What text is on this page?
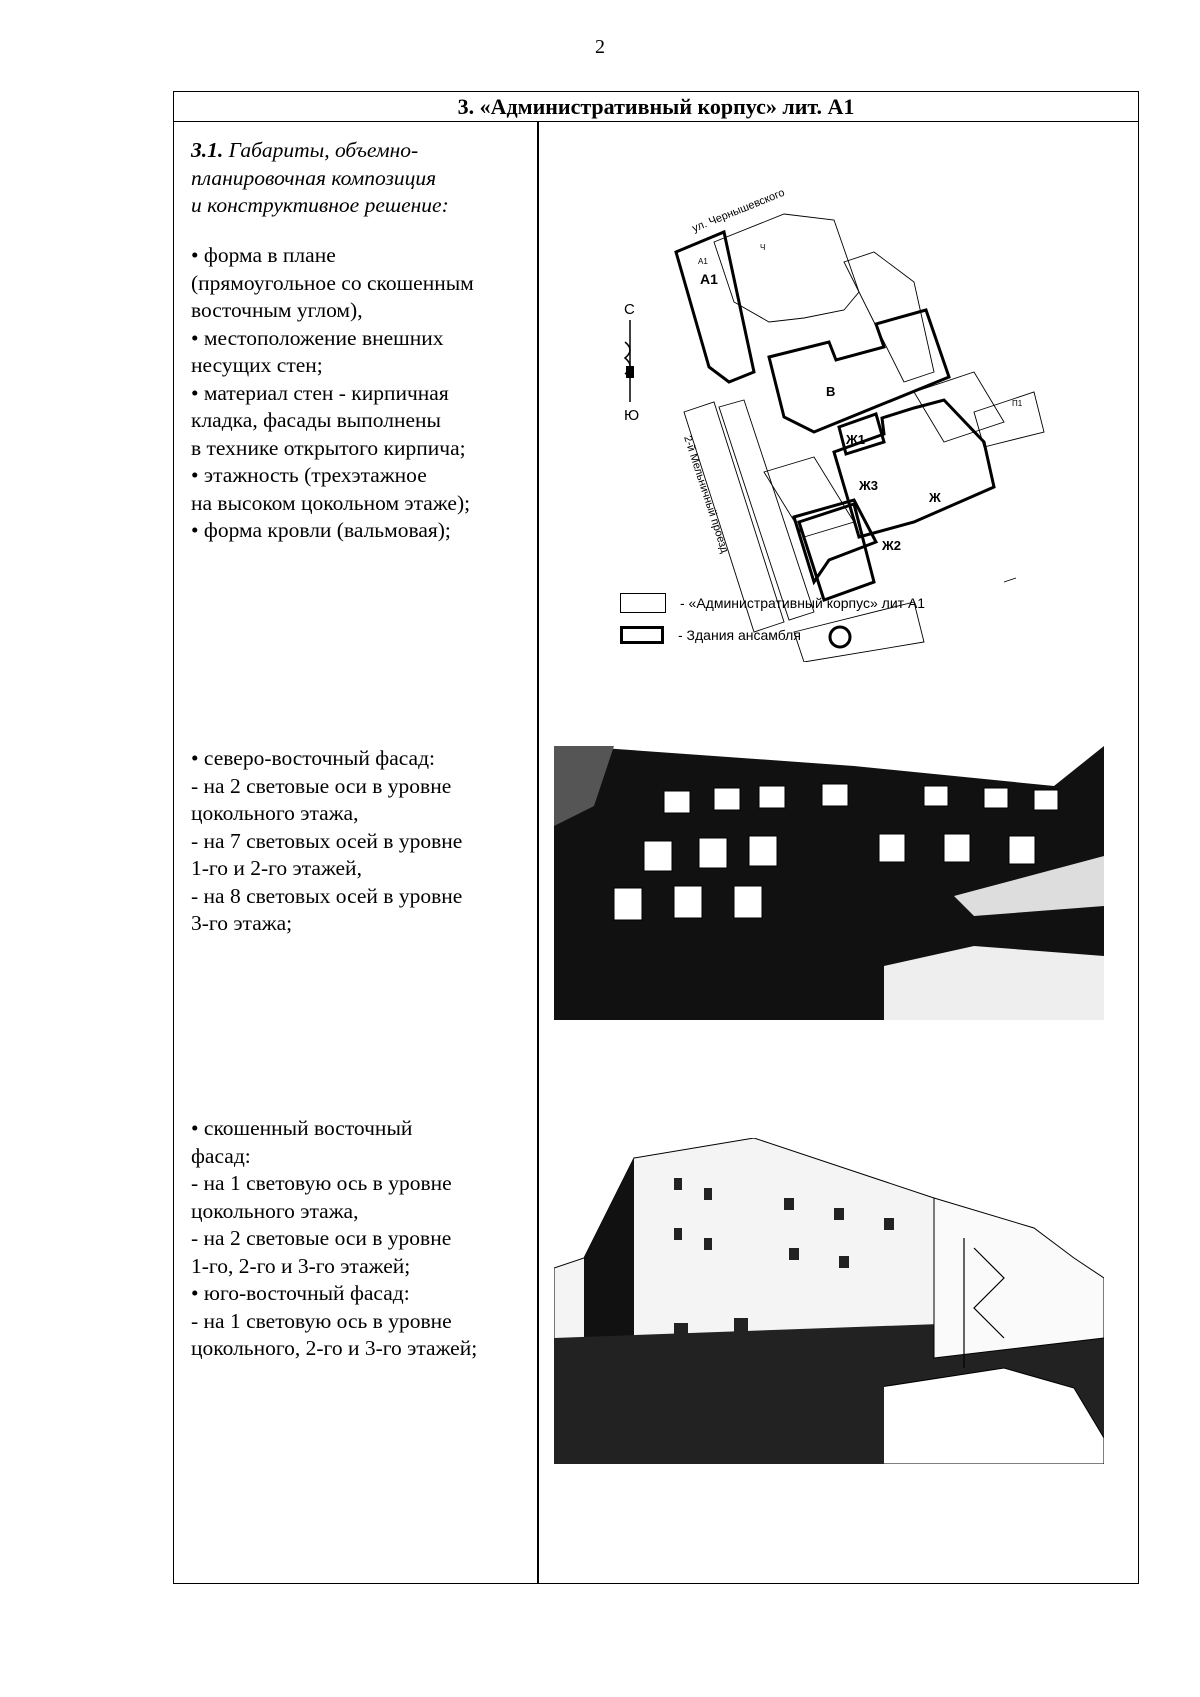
2
3. «Административный корпус» лит. А1
3.1. Габариты, объемно-
планировочная композиция
и конструктивное решение:
• форма в плане
(прямоугольное со скошенным
восточным углом),
• местоположение внешних
несущих стен;
• материал стен - кирпичная
кладка, фасады выполнены
в технике открытого кирпича;
• этажность (трехэтажное
на высоком цокольном этаже);
• форма кровли (вальмовая);
• северо-восточный фасад:
- на 2 световые оси в уровне
цокольного этажа,
- на 7 световых осей в уровне
1-го и 2-го этажей,
- на 8 световых осей в уровне
3-го этажа;
• скошенный восточный
фасад:
- на 1 световую ось в уровне
цокольного этажа,
- на 2 световые оси в уровне
1-го, 2-го и 3-го этажей;
• юго-восточный фасад:
- на 1 световую ось в уровне
цокольного, 2-го и 3-го этажей;
С
Ю
ул. Чернышевского
Ч
П1
2-й Мельничный проезд
А1
А1
В
Ж1
Ж3
Ж
Ж2
- «Административный корпус» лит А1
- Здания ансамбля
